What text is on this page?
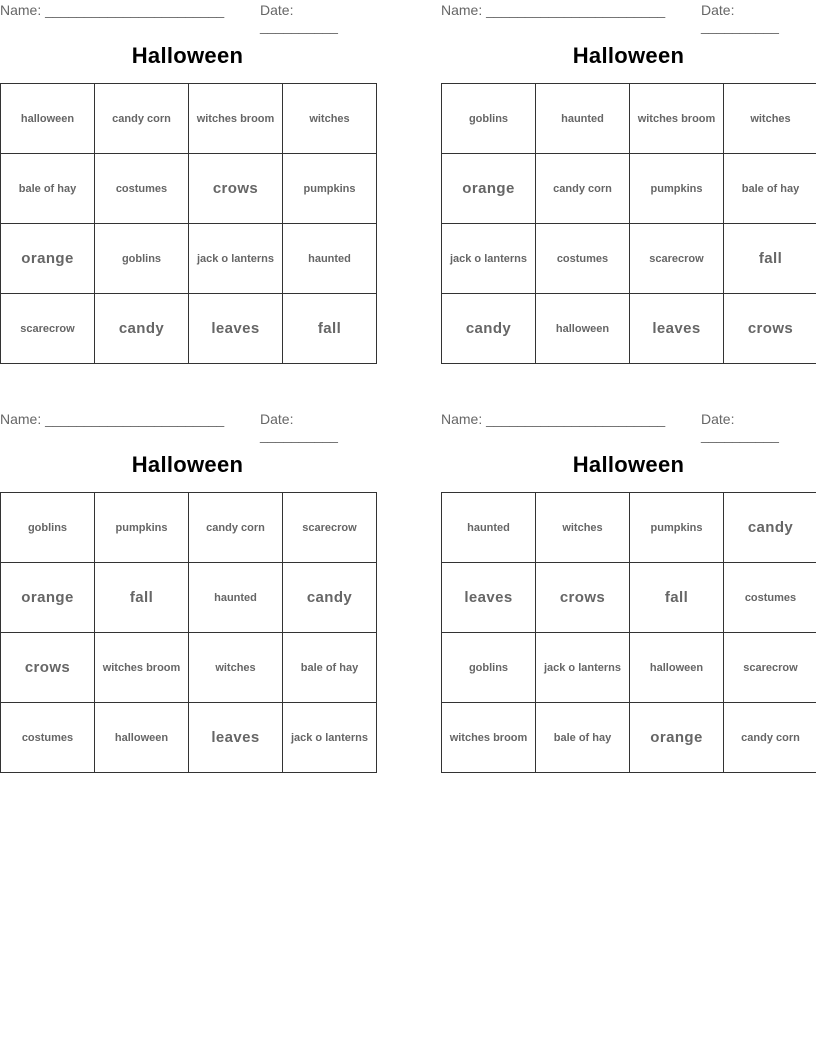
Name: _______________________	Date: __________
Halloween
halloween	candy corn	witches broom	witches
bale of hay	costumes	crows	pumpkins
orange	goblins	jack o lanterns	haunted
scarecrow	candy	leaves	fall
Name: _______________________	Date: __________
Halloween
goblins	haunted	witches broom	witches
orange	candy corn	pumpkins	bale of hay
jack o lanterns	costumes	scarecrow	fall
candy	halloween	leaves	crows
Name: _______________________	Date: __________
Halloween
goblins	pumpkins	candy corn	scarecrow
orange	fall	haunted	candy
crows	witches broom	witches	bale of hay
costumes	halloween	leaves	jack o lanterns
Name: _______________________	Date: __________
Halloween
haunted	witches	pumpkins	candy
leaves	crows	fall	costumes
goblins	jack o lanterns	halloween	scarecrow
witches broom	bale of hay	orange	candy corn
